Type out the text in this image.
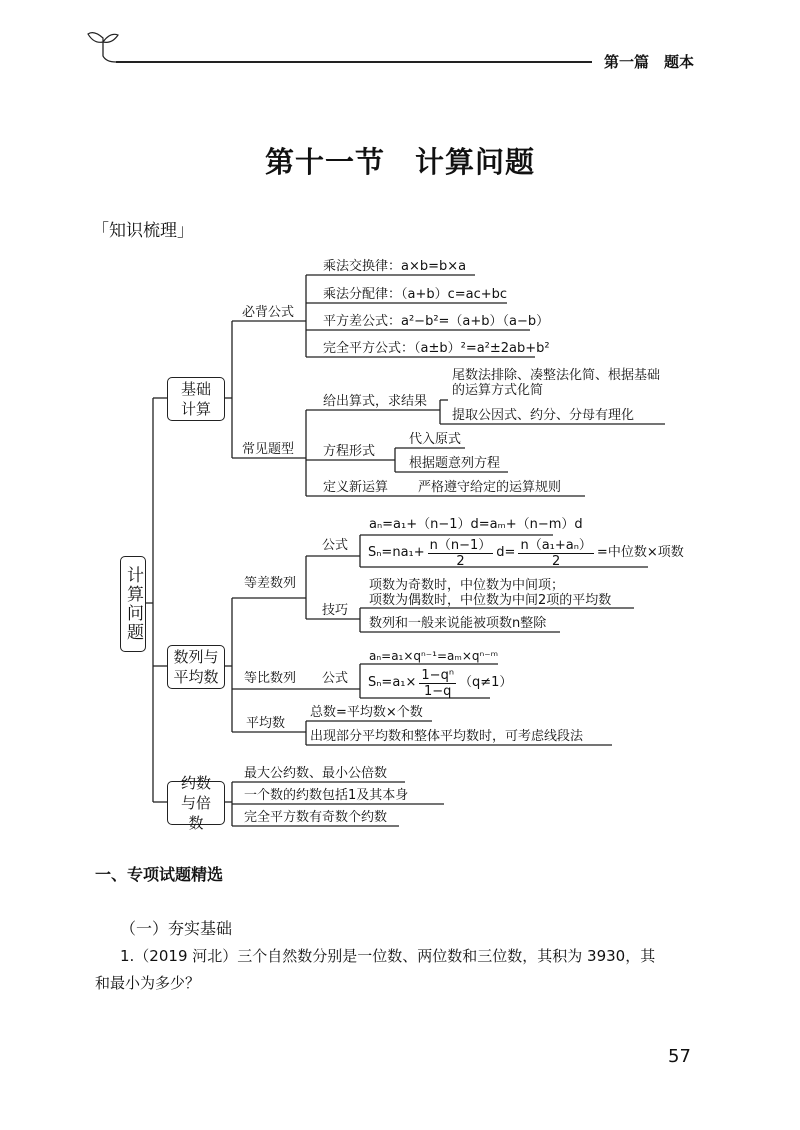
第一篇　题本
第十一节　计算问题
「知识梳理」
计算问题
基础计算
数列与平均数
约数与倍数
必背公式
乘法交换律：a×b=b×a
乘法分配律：（a+b）c=ac+bc
平方差公式：a²−b²=（a+b）（a−b）
完全平方公式：（a±b）²=a²±2ab+b²
常见题型
给出算式，求结果
尾数法排除、凑整法化简、根据基础的运算方式化简
提取公因式、约分、分母有理化
方程形式
代入原式
根据题意列方程
定义新运算 严格遵守给定的运算规则
等差数列
公式
aₙ=a₁+（n−1）d=aₘ+（n−m）d
$S_n=na_1+ \frac{n(n-1)}{2} d= \frac{\text{n（a₁+aₙ）}}{2}$ =中位数×项数
技巧
项数为奇数时，中位数为中间项；
项数为偶数时，中位数为中间2项的平均数
数列和一般来说能被项数n整除
等比数列 公式
aₙ=a₁×qⁿ⁻¹=aₘ×qⁿ⁻ᵐ
$S_n=a_1\times \frac{\text{1−qⁿ}}{1-q} (q\ne 1)$
平均数
总数=平均数×个数
出现部分平均数和整体平均数时，可考虑线段法
最大公约数、最小公倍数
一个数的约数包括1及其本身
完全平方数有奇数个约数
一、专项试题精选
（一）夯实基础
1.（2019 河北）三个自然数分别是一位数、两位数和三位数，其积为 3930，其
和最小为多少？
57
